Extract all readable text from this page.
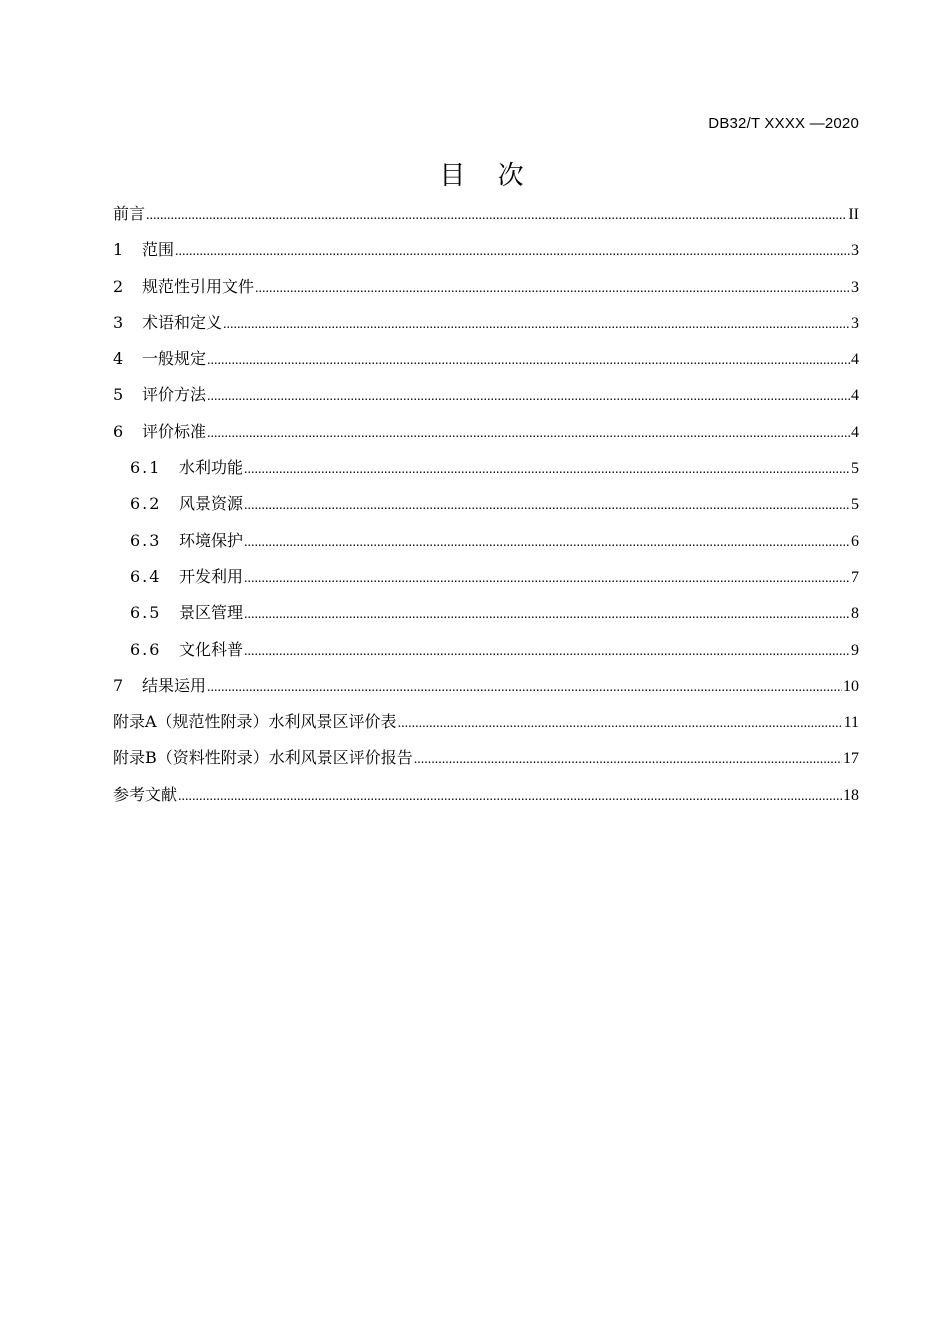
DB32/T XXXX —2020
目 次
前言 .....	II
1	范围 .....	3
2	规范性引用文件 .....	3
3	术语和定义 .....	3
4	一般规定 .....	4
5	评价方法 .....	4
6	评价标准 .....	4
6.1	水利功能 .....	5
6.2	风景资源 .....	5
6.3	环境保护 .....	6
6.4	开发利用 .....	7
6.5	景区管理 .....	8
6.6	文化科普 .....	9
7	结果运用 .....	10
附录A（规范性附录）水利风景区评价表 .....	11
附录B（资料性附录）水利风景区评价报告 .....	17
参考文献 .....	18
